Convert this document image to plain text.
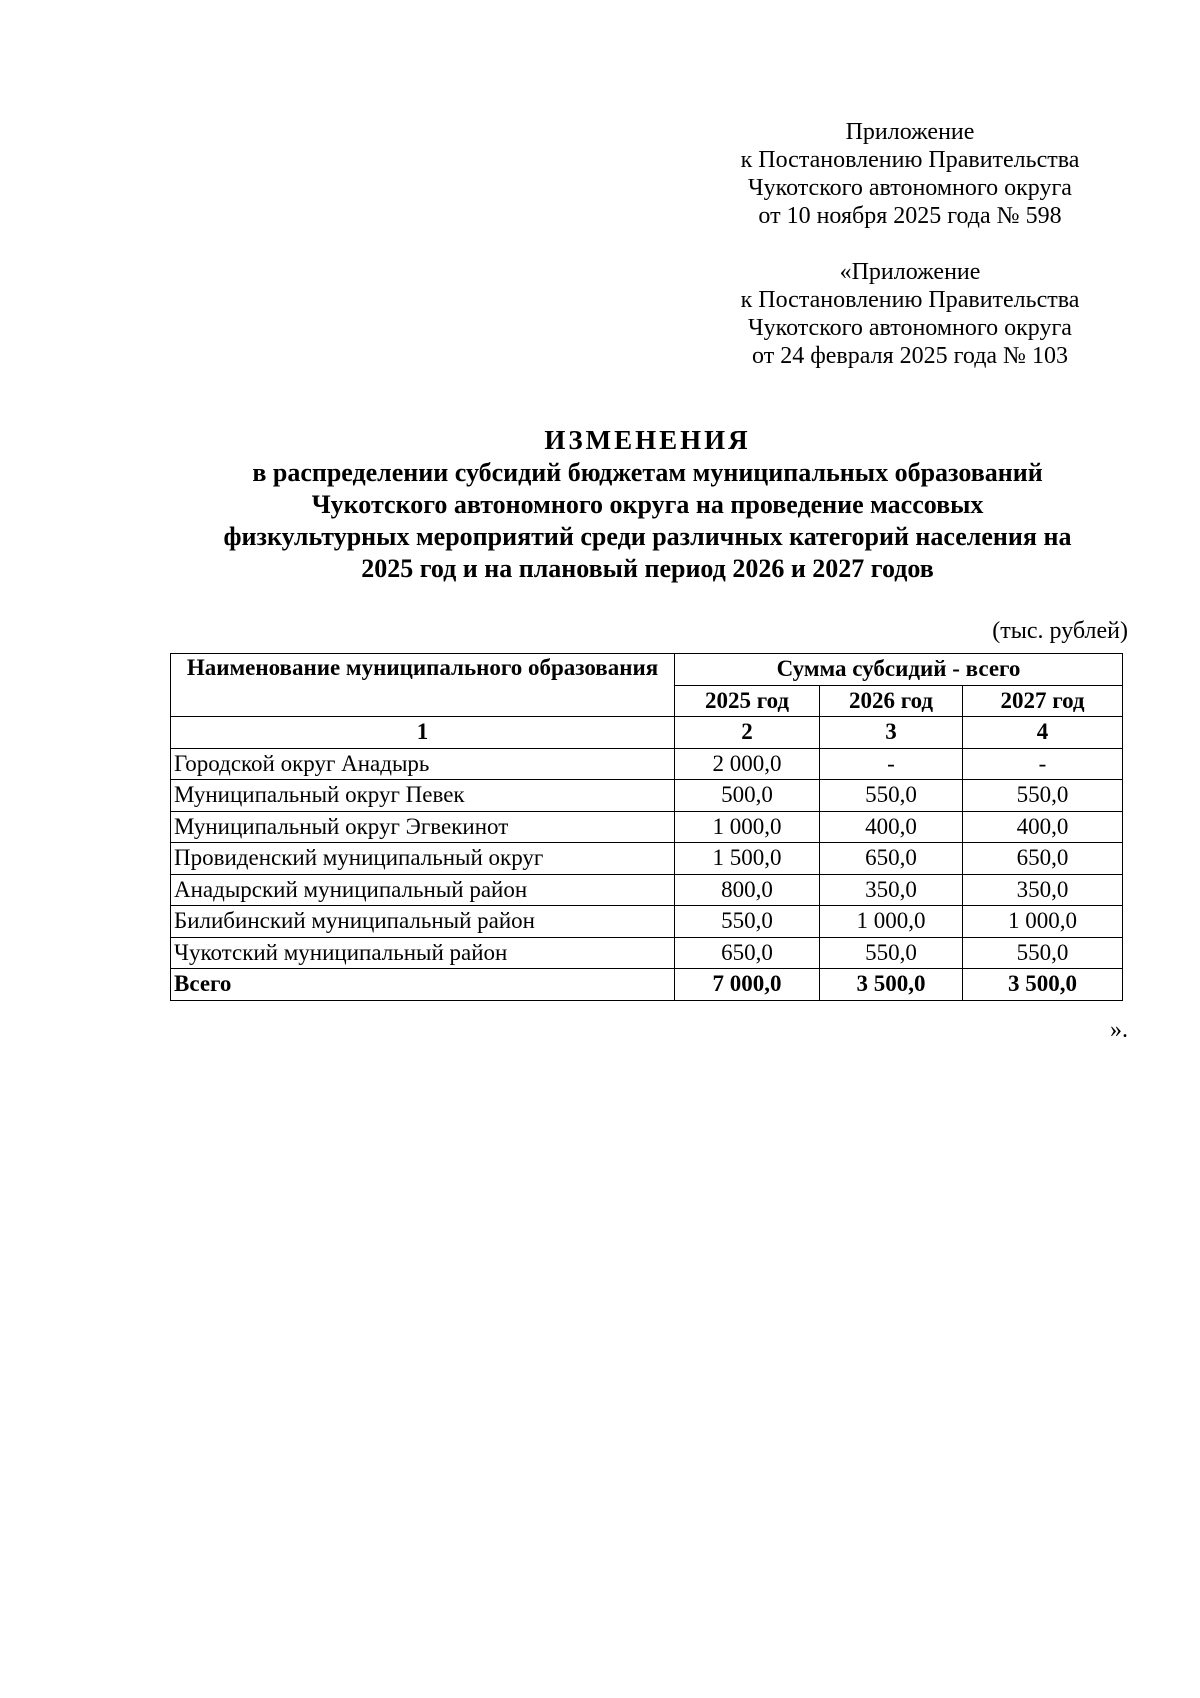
Приложение
к Постановлению Правительства
Чукотского автономного округа
от 10 ноября 2025 года № 598
«Приложение
к Постановлению Правительства
Чукотского автономного округа
от 24 февраля 2025 года № 103
ИЗМЕНЕНИЯ
в распределении субсидий бюджетам муниципальных образований
Чукотского автономного округа на проведение массовых
физкультурных мероприятий среди различных категорий населения на
2025 год и на плановый период 2026 и 2027 годов
(тыс. рублей)
Наименование муниципального образования	Сумма субсидий - всего		
	2025 год	2026 год	2027 год
1	2	3	4
Городской округ Анадырь	2 000,0	-	-
Муниципальный округ Певек	500,0	550,0	550,0
Муниципальный округ Эгвекинот	1 000,0	400,0	400,0
Провиденский муниципальный округ	1 500,0	650,0	650,0
Анадырский муниципальный район	800,0	350,0	350,0
Билибинский муниципальный район	550,0	1 000,0	1 000,0
Чукотский муниципальный район	650,0	550,0	550,0
Всего	7 000,0	3 500,0	3 500,0
».
